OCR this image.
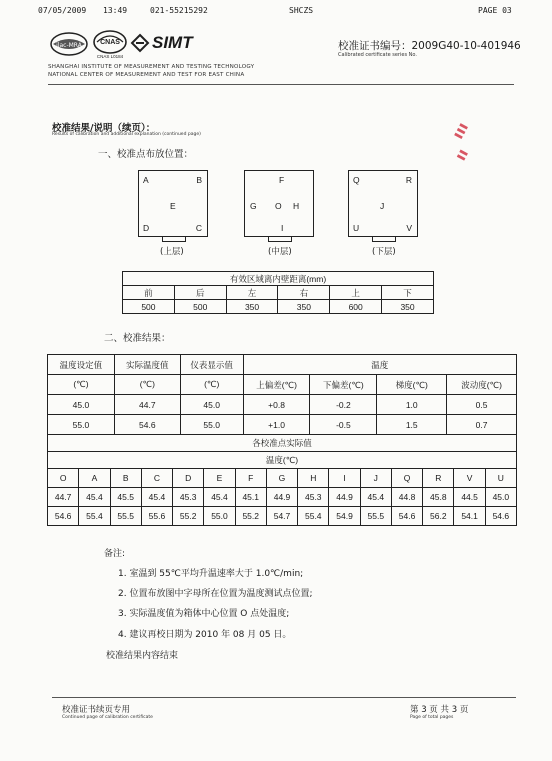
07/05/2009 13:49	021-55215292	SHCZS	PAGE 03
ilac-MRA	CNAS
CNAS L0184
SIMT
SHANGHAI INSTITUTE OF MEASUREMENT AND TESTING TECHNOLOGY
NATIONAL CENTER OF MEASUREMENT AND TEST FOR EAST CHINA
校准证书编号：2009G40-10-401946
Calibrated certificate series No.
▌▌▌
▌▌
校准结果/说明（续页）：
Results of calibration and additional explanation (continued page)
一、校准点布放位置：
A	B
E
D	C
(上层)
F
G O H
I
(中层)
Q	R
J
U	V
(下层)
有效区域离内壁距离(mm)					
前	后	左	右	上	下
500	500	350	350	600	350
二、校准结果：
温度设定值	实际温度值	仪表显示值	温度			
(℃)	(℃)	(℃)	上偏差(℃)	下偏差(℃)	梯度(℃)	波动度(℃)
45.0	44.7	45.0	+0.8	-0.2	1.0	0.5
55.0	54.6	55.0	+1.0	-0.5	1.5	0.7
各校准点实际值														
温度(℃)														
O	A	B	C	D	E	F	G	H	I	J	Q	R	V	U
44.7	45.4	45.5	45.4	45.3	45.4	45.1	44.9	45.3	44.9	45.4	44.8	45.8	44.5	45.0
54.6	55.4	55.5	55.6	55.2	55.0	55.2	54.7	55.4	54.9	55.5	54.6	56.2	54.1	54.6
备注:
1. 室温到 55℃平均升温速率大于 1.0℃/min;
2. 位置布放图中字母所在位置为温度测试点位置;
3. 实际温度值为箱体中心位置 O 点处温度;
4. 建议再校日期为 2010 年 08 月 05 日。
校准结果内容结束
校准证书续页专用
Continued page of calibration certificate
第 3 页 共 3 页
Page of total pages
